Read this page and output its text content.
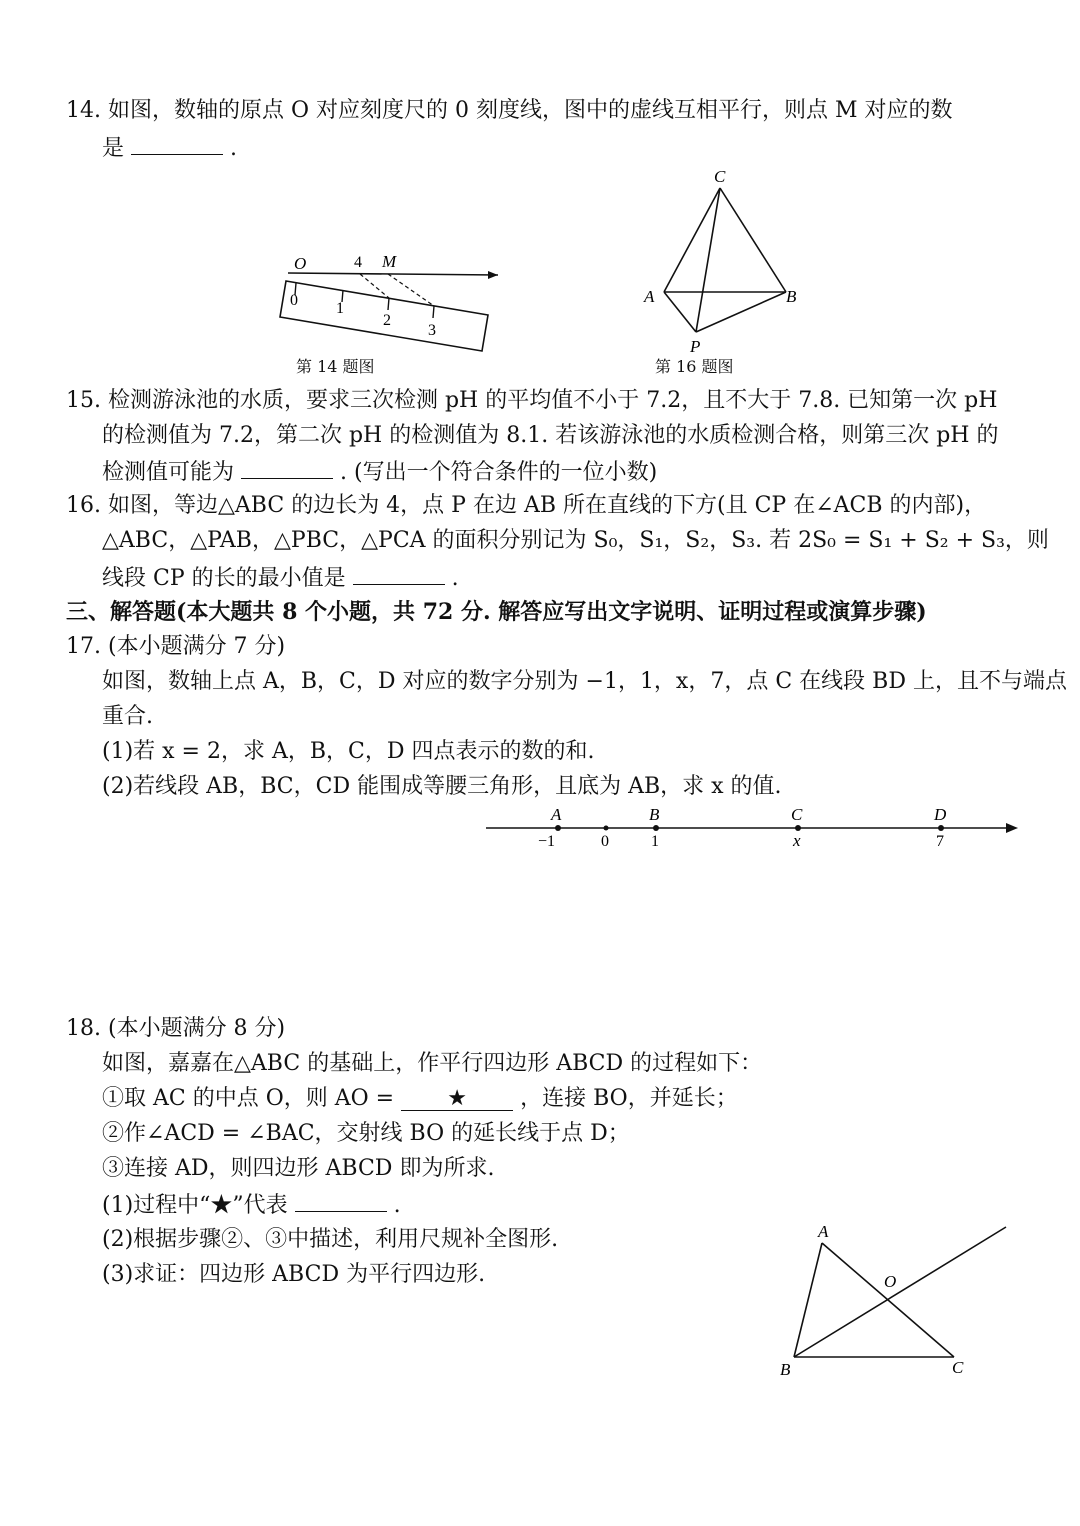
14. 如图，数轴的原点 O 对应刻度尺的 0 刻度线，图中的虚线互相平行，则点 M 对应的数
是	.
O	4 M
0 1
2
3
第 14 题图
C
A	B
P
第 16 题图
15. 检测游泳池的水质，要求三次检测 pH 的平均值不小于 7.2，且不大于 7.8. 已知第一次 pH
的检测值为 7.2，第二次 pH 的检测值为 8.1. 若该游泳池的水质检测合格，则第三次 pH 的
检测值可能为	. (写出一个符合条件的一位小数)
16. 如图，等边△ABC 的边长为 4，点 P 在边 AB 所在直线的下方(且 CP 在∠ACB 的内部)，
△ABC，△PAB，△PBC，△PCA 的面积分别记为 S₀，S₁，S₂，S₃. 若 2S₀ = S₁ + S₂ + S₃，则
线段 CP 的长的最小值是	.
三、解答题(本大题共 8 个小题，共 72 分. 解答应写出文字说明、证明过程或演算步骤)
17. (本小题满分 7 分)
如图，数轴上点 A，B，C，D 对应的数字分别为 −1，1，x，7，点 C 在线段 BD 上，且不与端点
重合.
(1)若 x = 2，求 A，B，C，D 四点表示的数的和.
(2)若线段 AB，BC，CD 能围成等腰三角形，且底为 AB，求 x 的值.
A	B	C	D
−1	0	1	x	7
18. (本小题满分 8 分)
如图，嘉嘉在△ABC 的基础上，作平行四边形 ABCD 的过程如下：
①取 AC 的中点 O，则 AO = ★ ，连接 BO，并延长；
②作∠ACD = ∠BAC，交射线 BO 的延长线于点 D；
③连接 AD，则四边形 ABCD 即为所求.
(1)过程中“★”代表	.
(2)根据步骤②、③中描述，利用尺规补全图形.
(3)求证：四边形 ABCD 为平行四边形.
A
B	C
O
